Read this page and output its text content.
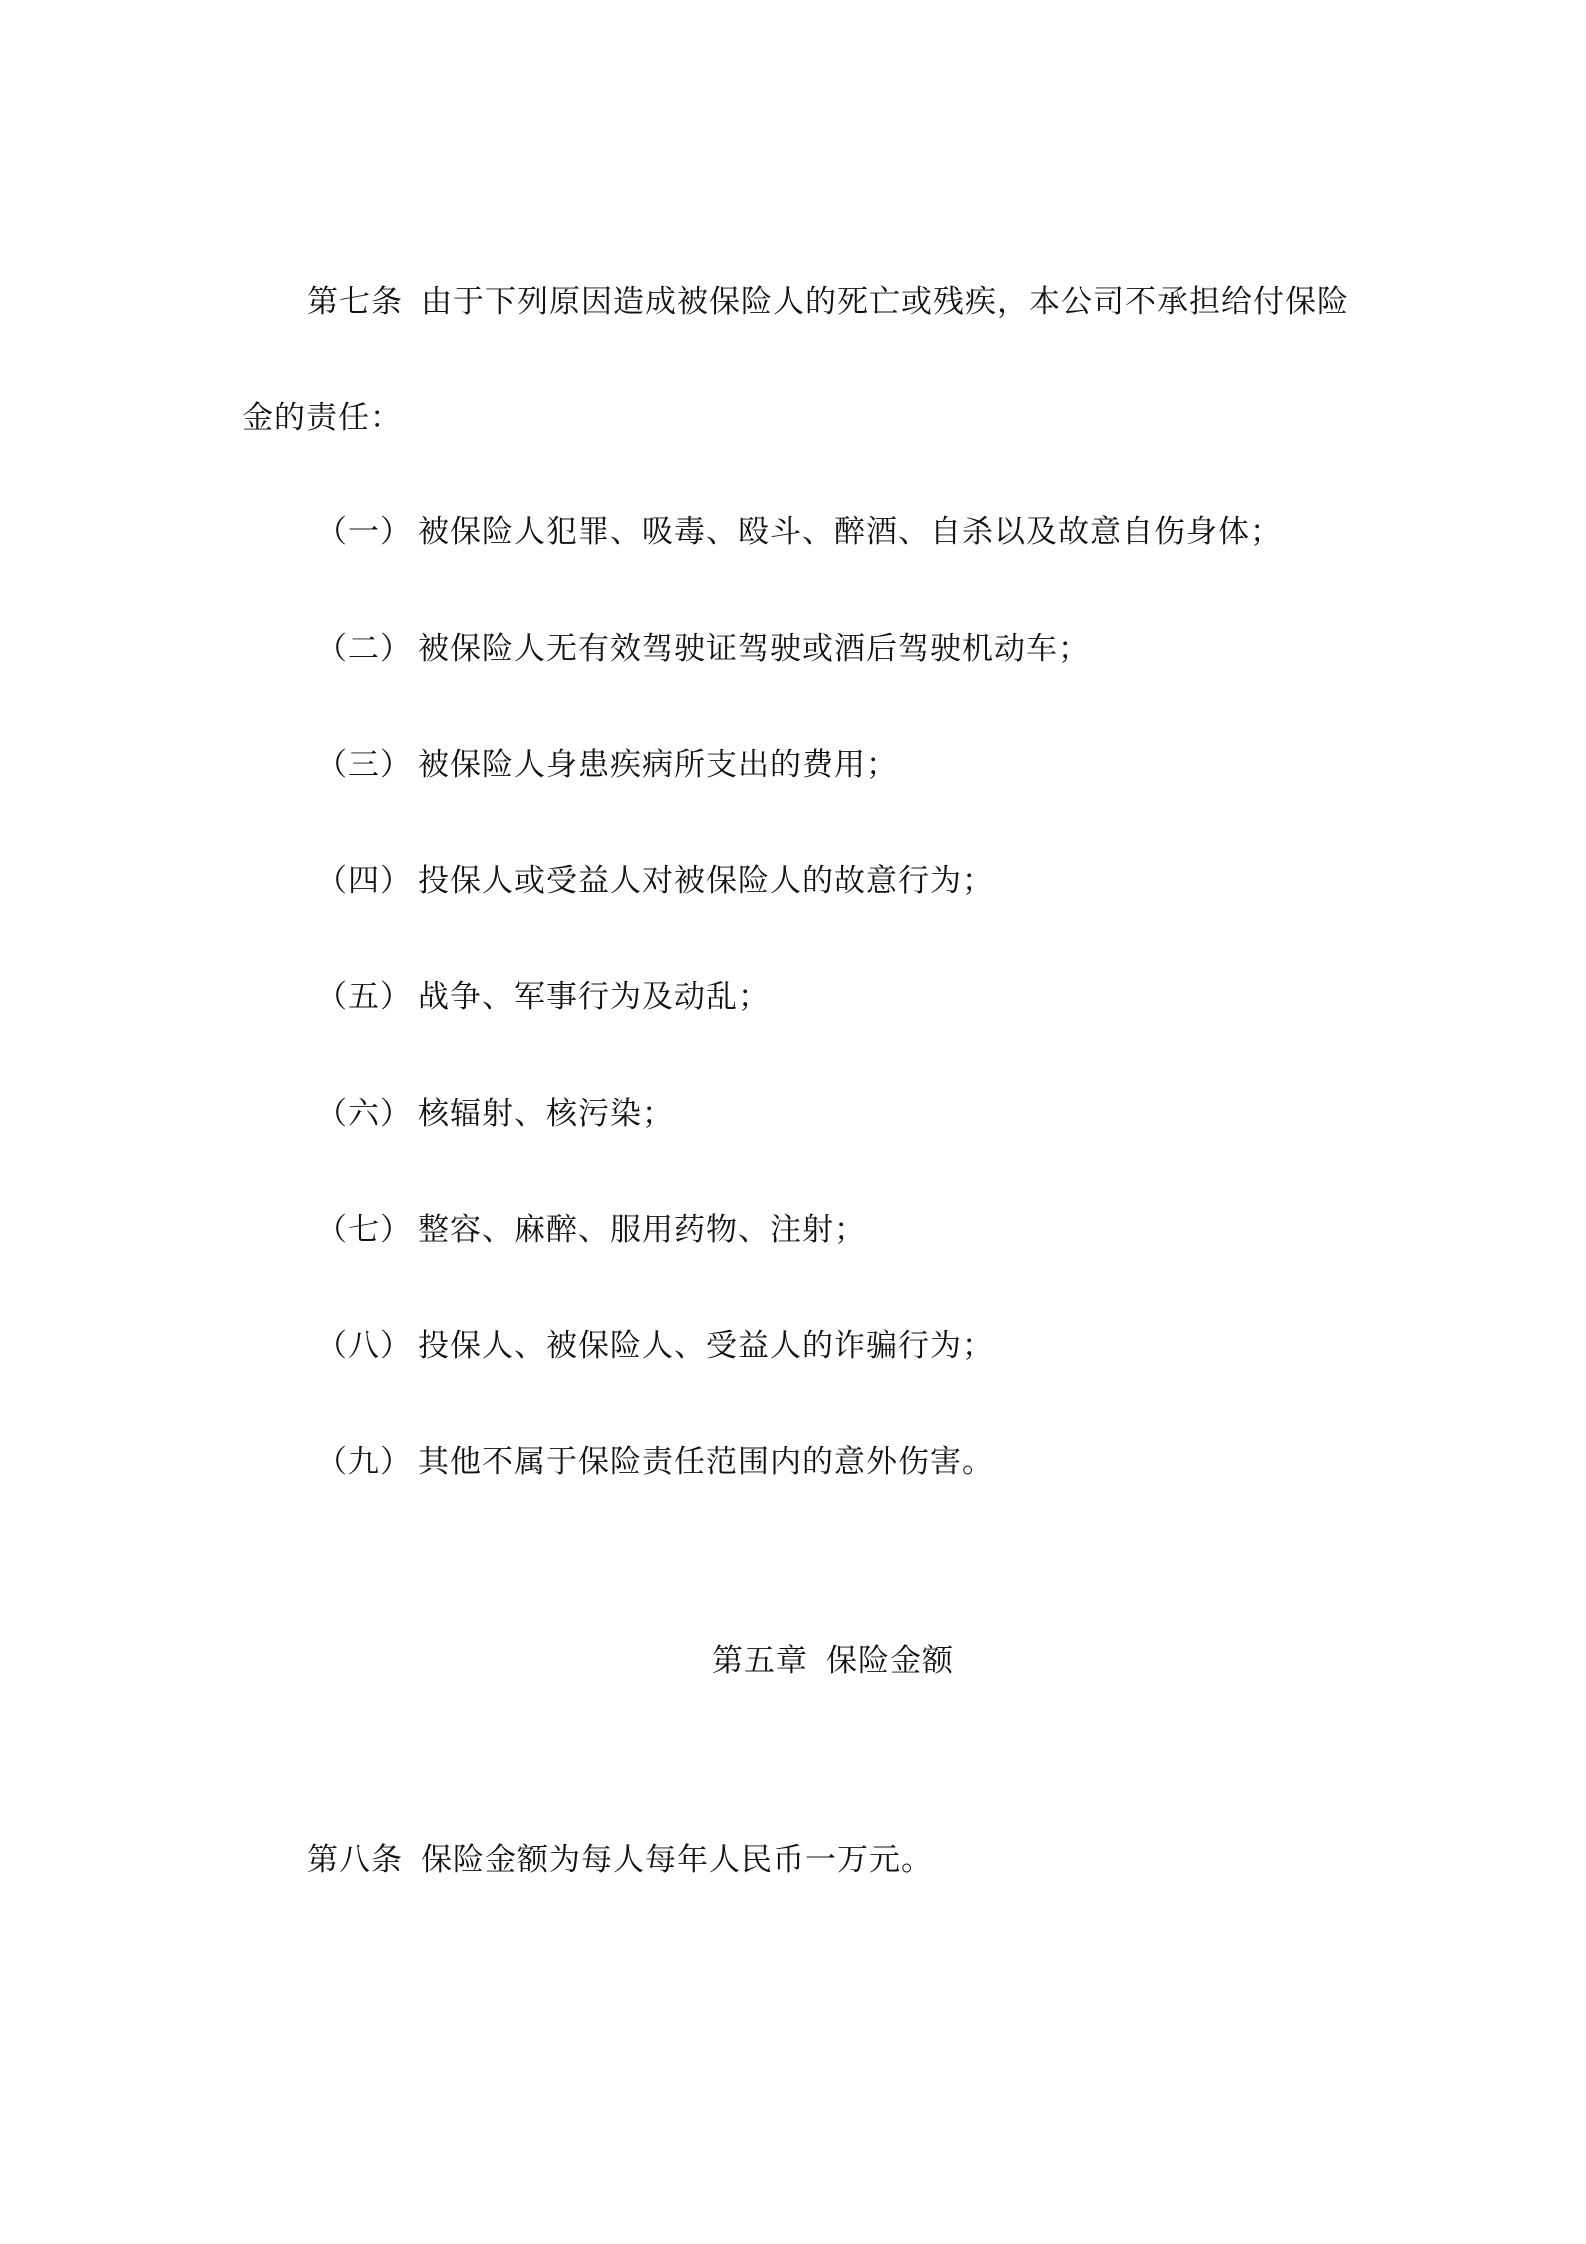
第七条 由于下列原因造成被保险人的死亡或残疾，本公司不承担给付保险
金的责任：
（一） 被保险人犯罪、吸毒、殴斗、醉酒、自杀以及故意自伤身体；
（二） 被保险人无有效驾驶证驾驶或酒后驾驶机动车；
（三） 被保险人身患疾病所支出的费用；
（四） 投保人或受益人对被保险人的故意行为；
（五） 战争、军事行为及动乱；
（六） 核辐射、核污染；
（七） 整容、麻醉、服用药物、注射；
（八） 投保人、被保险人、受益人的诈骗行为；
（九） 其他不属于保险责任范围内的意外伤害。
第五章 保险金额
第八条 保险金额为每人每年人民币一万元。
